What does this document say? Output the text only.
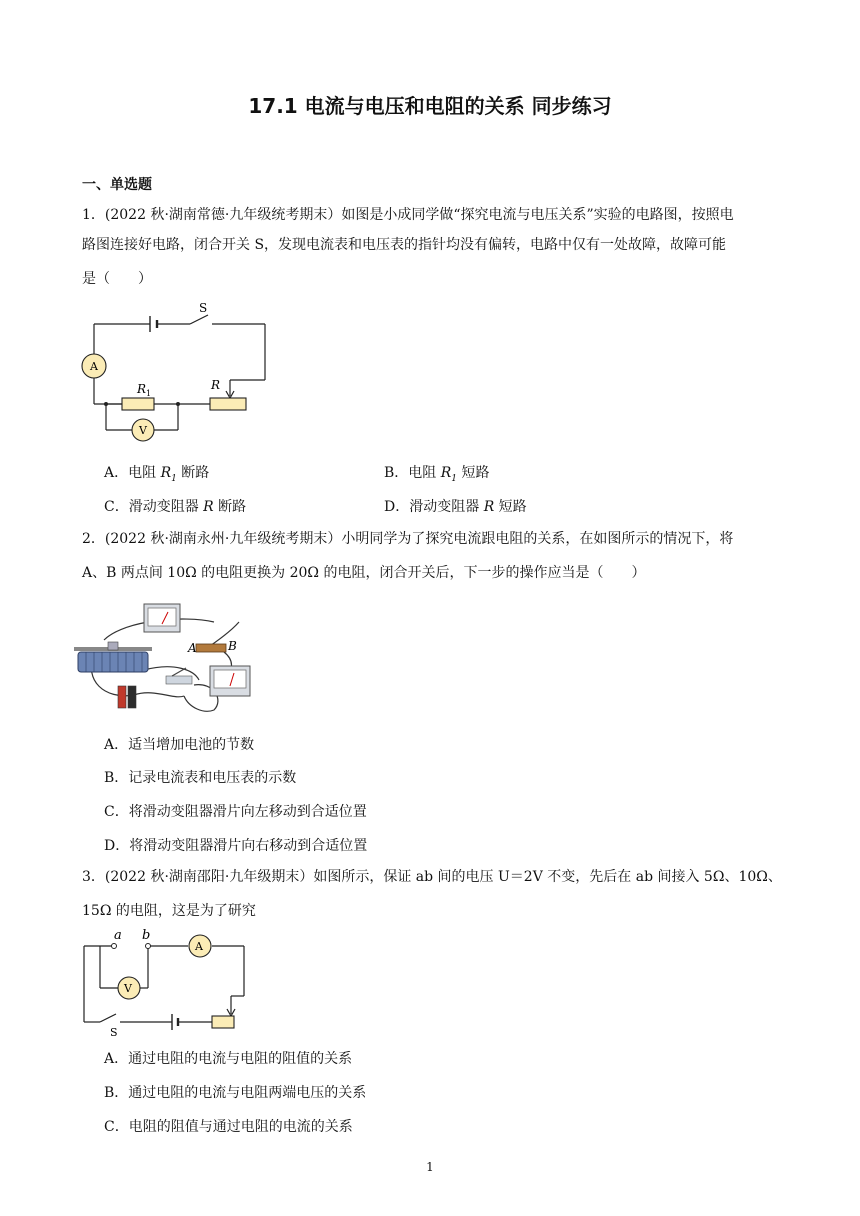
17.1 电流与电压和电阻的关系 同步练习
一、单选题
1．(2022 秋·湖南常德·九年级统考期末）如图是小成同学做“探究电流与电压关系”实验的电路图，按照电
路图连接好电路，闭合开关 S，发现电流表和电压表的指针均没有偏转，电路中仅有一处故障，故障可能
是（　　）
S
A
R 1
R
V
A．电阻 $R_1$ 断路	B．电阻 $R_1$ 短路
C．滑动变阻器 R 断路	D．滑动变阻器 R 短路
2．(2022 秋·湖南永州·九年级统考期末）小明同学为了探究电流跟电阻的关系，在如图所示的情况下，将
A、B 两点间 10Ω 的电阻更换为 20Ω 的电阻，闭合开关后，下一步的操作应当是（　　）
A	B
A．适当增加电池的节数
B．记录电流表和电压表的示数
C．将滑动变阻器滑片向左移动到合适位置
D．将滑动变阻器滑片向右移动到合适位置
3．(2022 秋·湖南邵阳·九年级期末）如图所示，保证 ab 间的电压 U＝2V 不变，先后在 ab 间接入 5Ω、10Ω、
15Ω 的电阻，这是为了研究
a b
A
V
S
A．通过电阻的电流与电阻的阻值的关系
B．通过电阻的电流与电阻两端电压的关系
C．电阻的阻值与通过电阻的电流的关系
1
